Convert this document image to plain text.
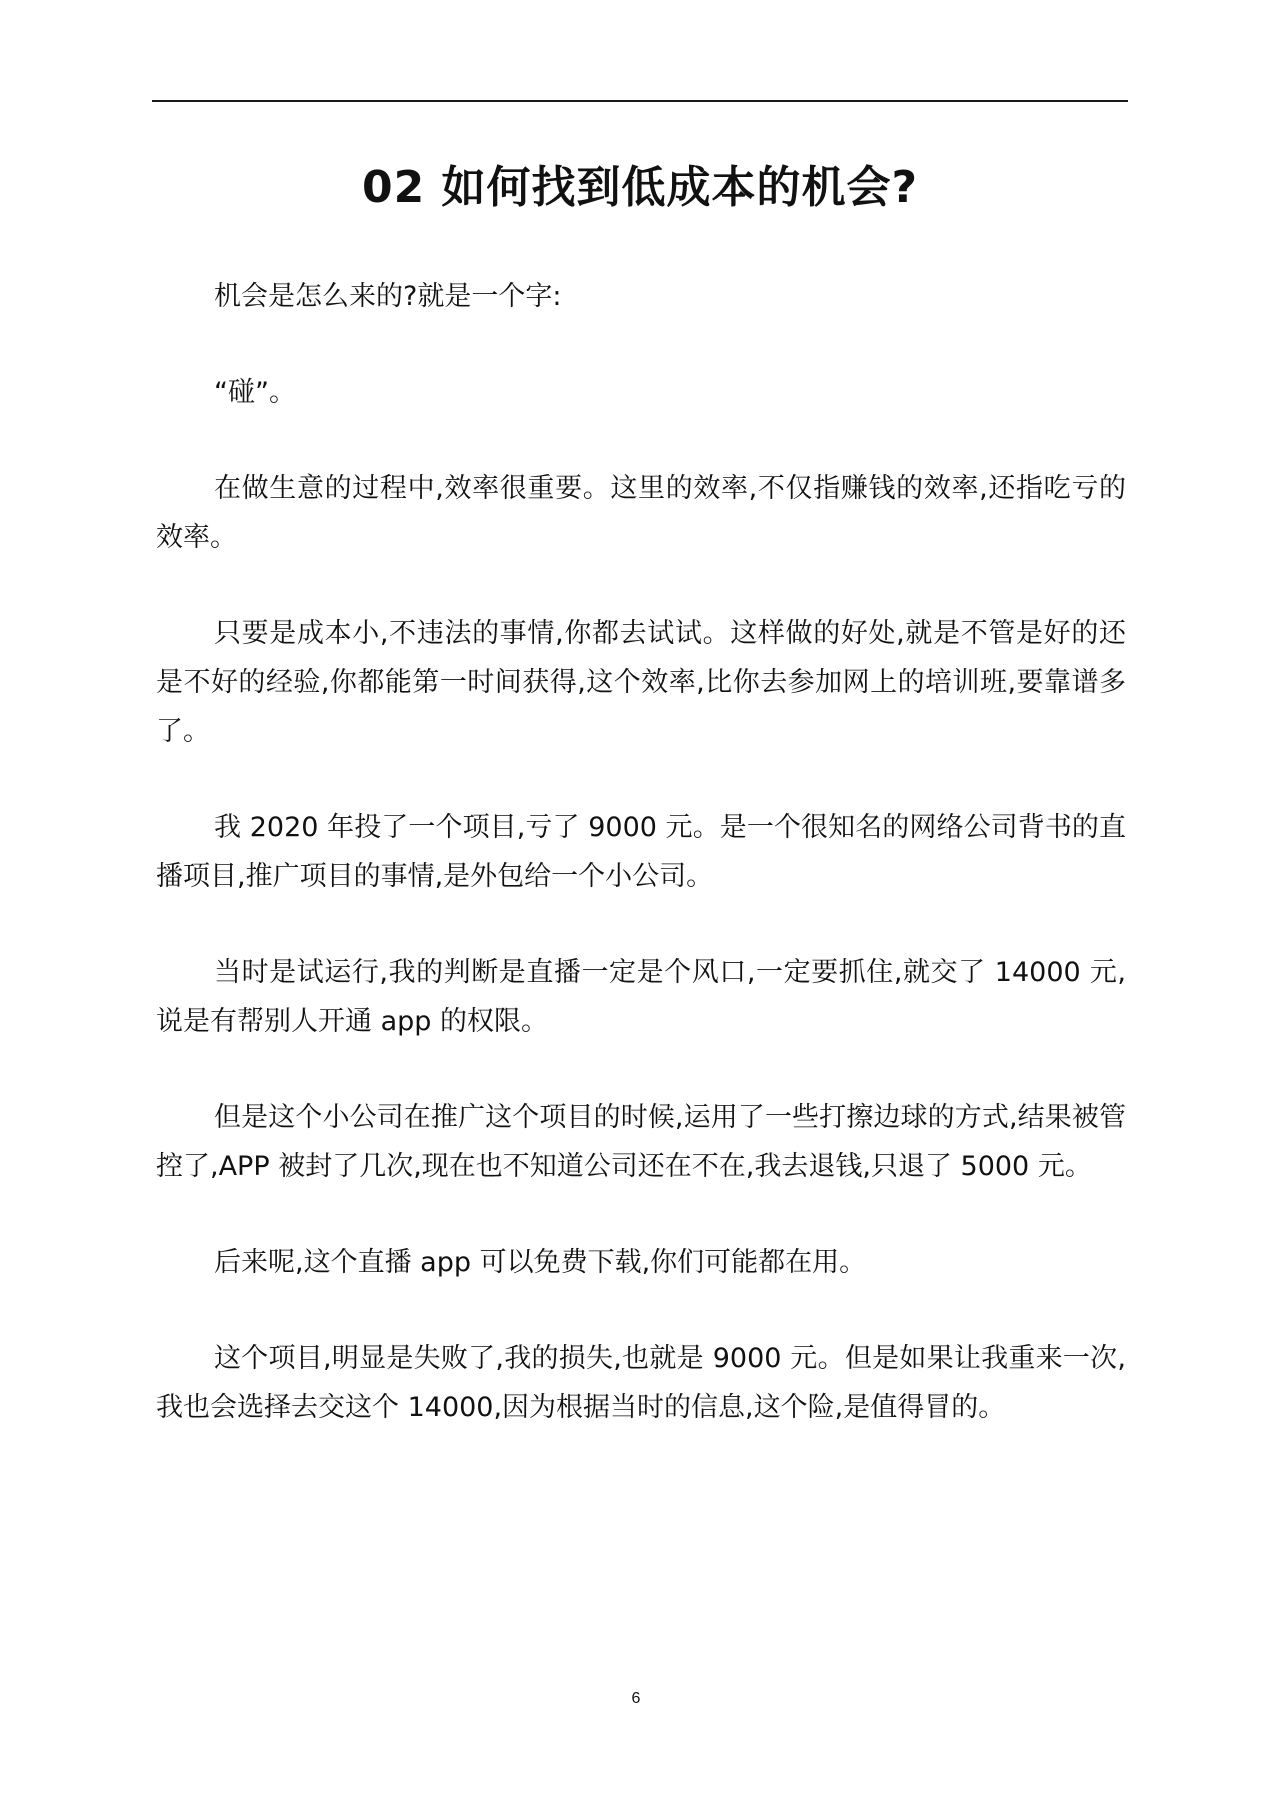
02 如何找到低成本的机会?

机会是怎么来的?就是一个字:

“碰”。

在做生意的过程中,效率很重要。这里的效率,不仅指赚钱的效率,还指吃亏的效率。

只要是成本小,不违法的事情,你都去试试。这样做的好处,就是不管是好的还是不好的经验,你都能第一时间获得,这个效率,比你去参加网上的培训班,要靠谱多了。

我 2020 年投了一个项目,亏了 9000 元。是一个很知名的网络公司背书的直播项目,推广项目的事情,是外包给一个小公司。

当时是试运行,我的判断是直播一定是个风口,一定要抓住,就交了 14000 元,说是有帮别人开通 app 的权限。

但是这个小公司在推广这个项目的时候,运用了一些打擦边球的方式,结果被管控了,APP 被封了几次,现在也不知道公司还在不在,我去退钱,只退了 5000 元。

后来呢,这个直播 app 可以免费下载,你们可能都在用。

这个项目,明显是失败了,我的损失,也就是 9000 元。但是如果让我重来一次,我也会选择去交这个 14000,因为根据当时的信息,这个险,是值得冒的。

6
